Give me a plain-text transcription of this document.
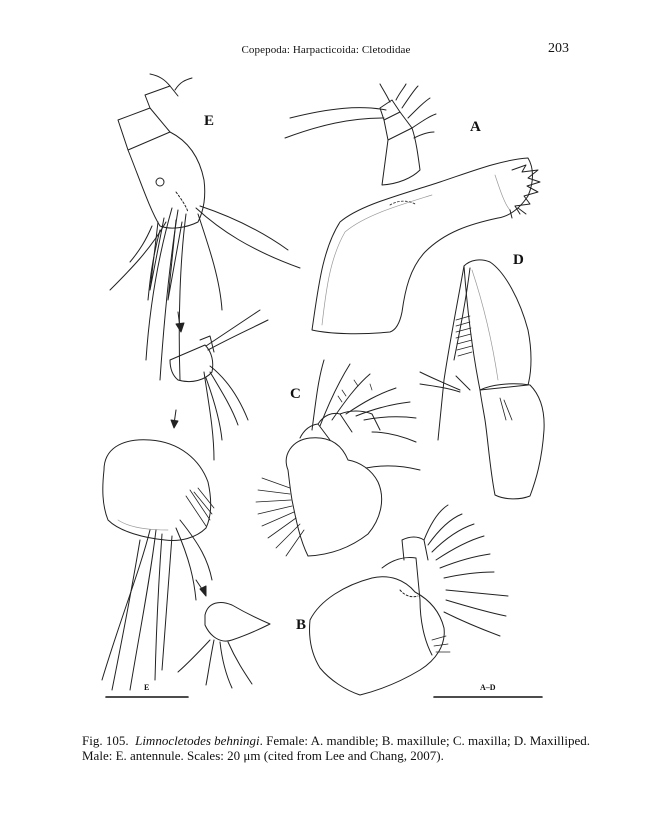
Copepoda: Harpacticoida: Cletodidae	203
E	A
D
C
B
E	A–D
Fig. 105. Limnocletodes behningi. Female: A. mandible; B. maxillule; C. maxilla; D. Maxilliped.
Male: E. antennule. Scales: 20 μm (cited from Lee and Chang, 2007).
